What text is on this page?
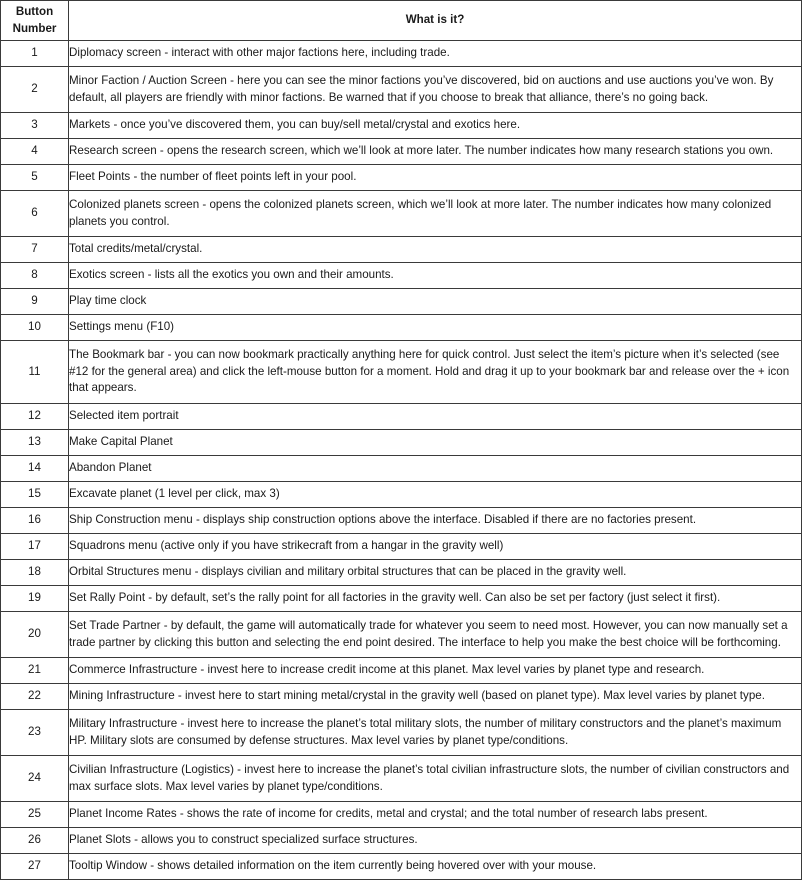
Button
Number	What is it?
1	Diplomacy screen - interact with other major factions here, including trade.
2	Minor Faction / Auction Screen - here you can see the minor factions you’ve discovered, bid on auctions and use auctions you’ve won. By default, all players are friendly with minor factions. Be warned that if you choose to break that alliance, there’s no going back.
3	Markets - once you’ve discovered them, you can buy/sell metal/crystal and exotics here.
4	Research screen - opens the research screen, which we’ll look at more later. The number indicates how many research stations you own.
5	Fleet Points - the number of fleet points left in your pool.
6	Colonized planets screen - opens the colonized planets screen, which we’ll look at more later. The number indicates how many colonized planets you control.
7	Total credits/metal/crystal.
8	Exotics screen - lists all the exotics you own and their amounts.
9	Play time clock
10	Settings menu (F10)
11	The Bookmark bar - you can now bookmark practically anything here for quick control. Just select the item’s picture when it’s selected (see #12 for the general area) and click the left-mouse button for a moment. Hold and drag it up to your bookmark bar and release over the + icon that appears.
12	Selected item portrait
13	Make Capital Planet
14	Abandon Planet
15	Excavate planet (1 level per click, max 3)
16	Ship Construction menu - displays ship construction options above the interface. Disabled if there are no factories present.
17	Squadrons menu (active only if you have strikecraft from a hangar in the gravity well)
18	Orbital Structures menu - displays civilian and military orbital structures that can be placed in the gravity well.
19	Set Rally Point - by default, set’s the rally point for all factories in the gravity well. Can also be set per factory (just select it first).
20	Set Trade Partner - by default, the game will automatically trade for whatever you seem to need most. However, you can now manually set a trade partner by clicking this button and selecting the end point desired. The interface to help you make the best choice will be forthcoming.
21	Commerce Infrastructure - invest here to increase credit income at this planet. Max level varies by planet type and research.
22	Mining Infrastructure - invest here to start mining metal/crystal in the gravity well (based on planet type). Max level varies by planet type.
23	Military Infrastructure - invest here to increase the planet’s total military slots, the number of military constructors and the planet’s maximum HP. Military slots are consumed by defense structures. Max level varies by planet type/conditions.
24	Civilian Infrastructure (Logistics) - invest here to increase the planet’s total civilian infrastructure slots, the number of civilian constructors and max surface slots. Max level varies by planet type/conditions.
25	Planet Income Rates - shows the rate of income for credits, metal and crystal; and the total number of research labs present.
26	Planet Slots - allows you to construct specialized surface structures.
27	Tooltip Window - shows detailed information on the item currently being hovered over with your mouse.
